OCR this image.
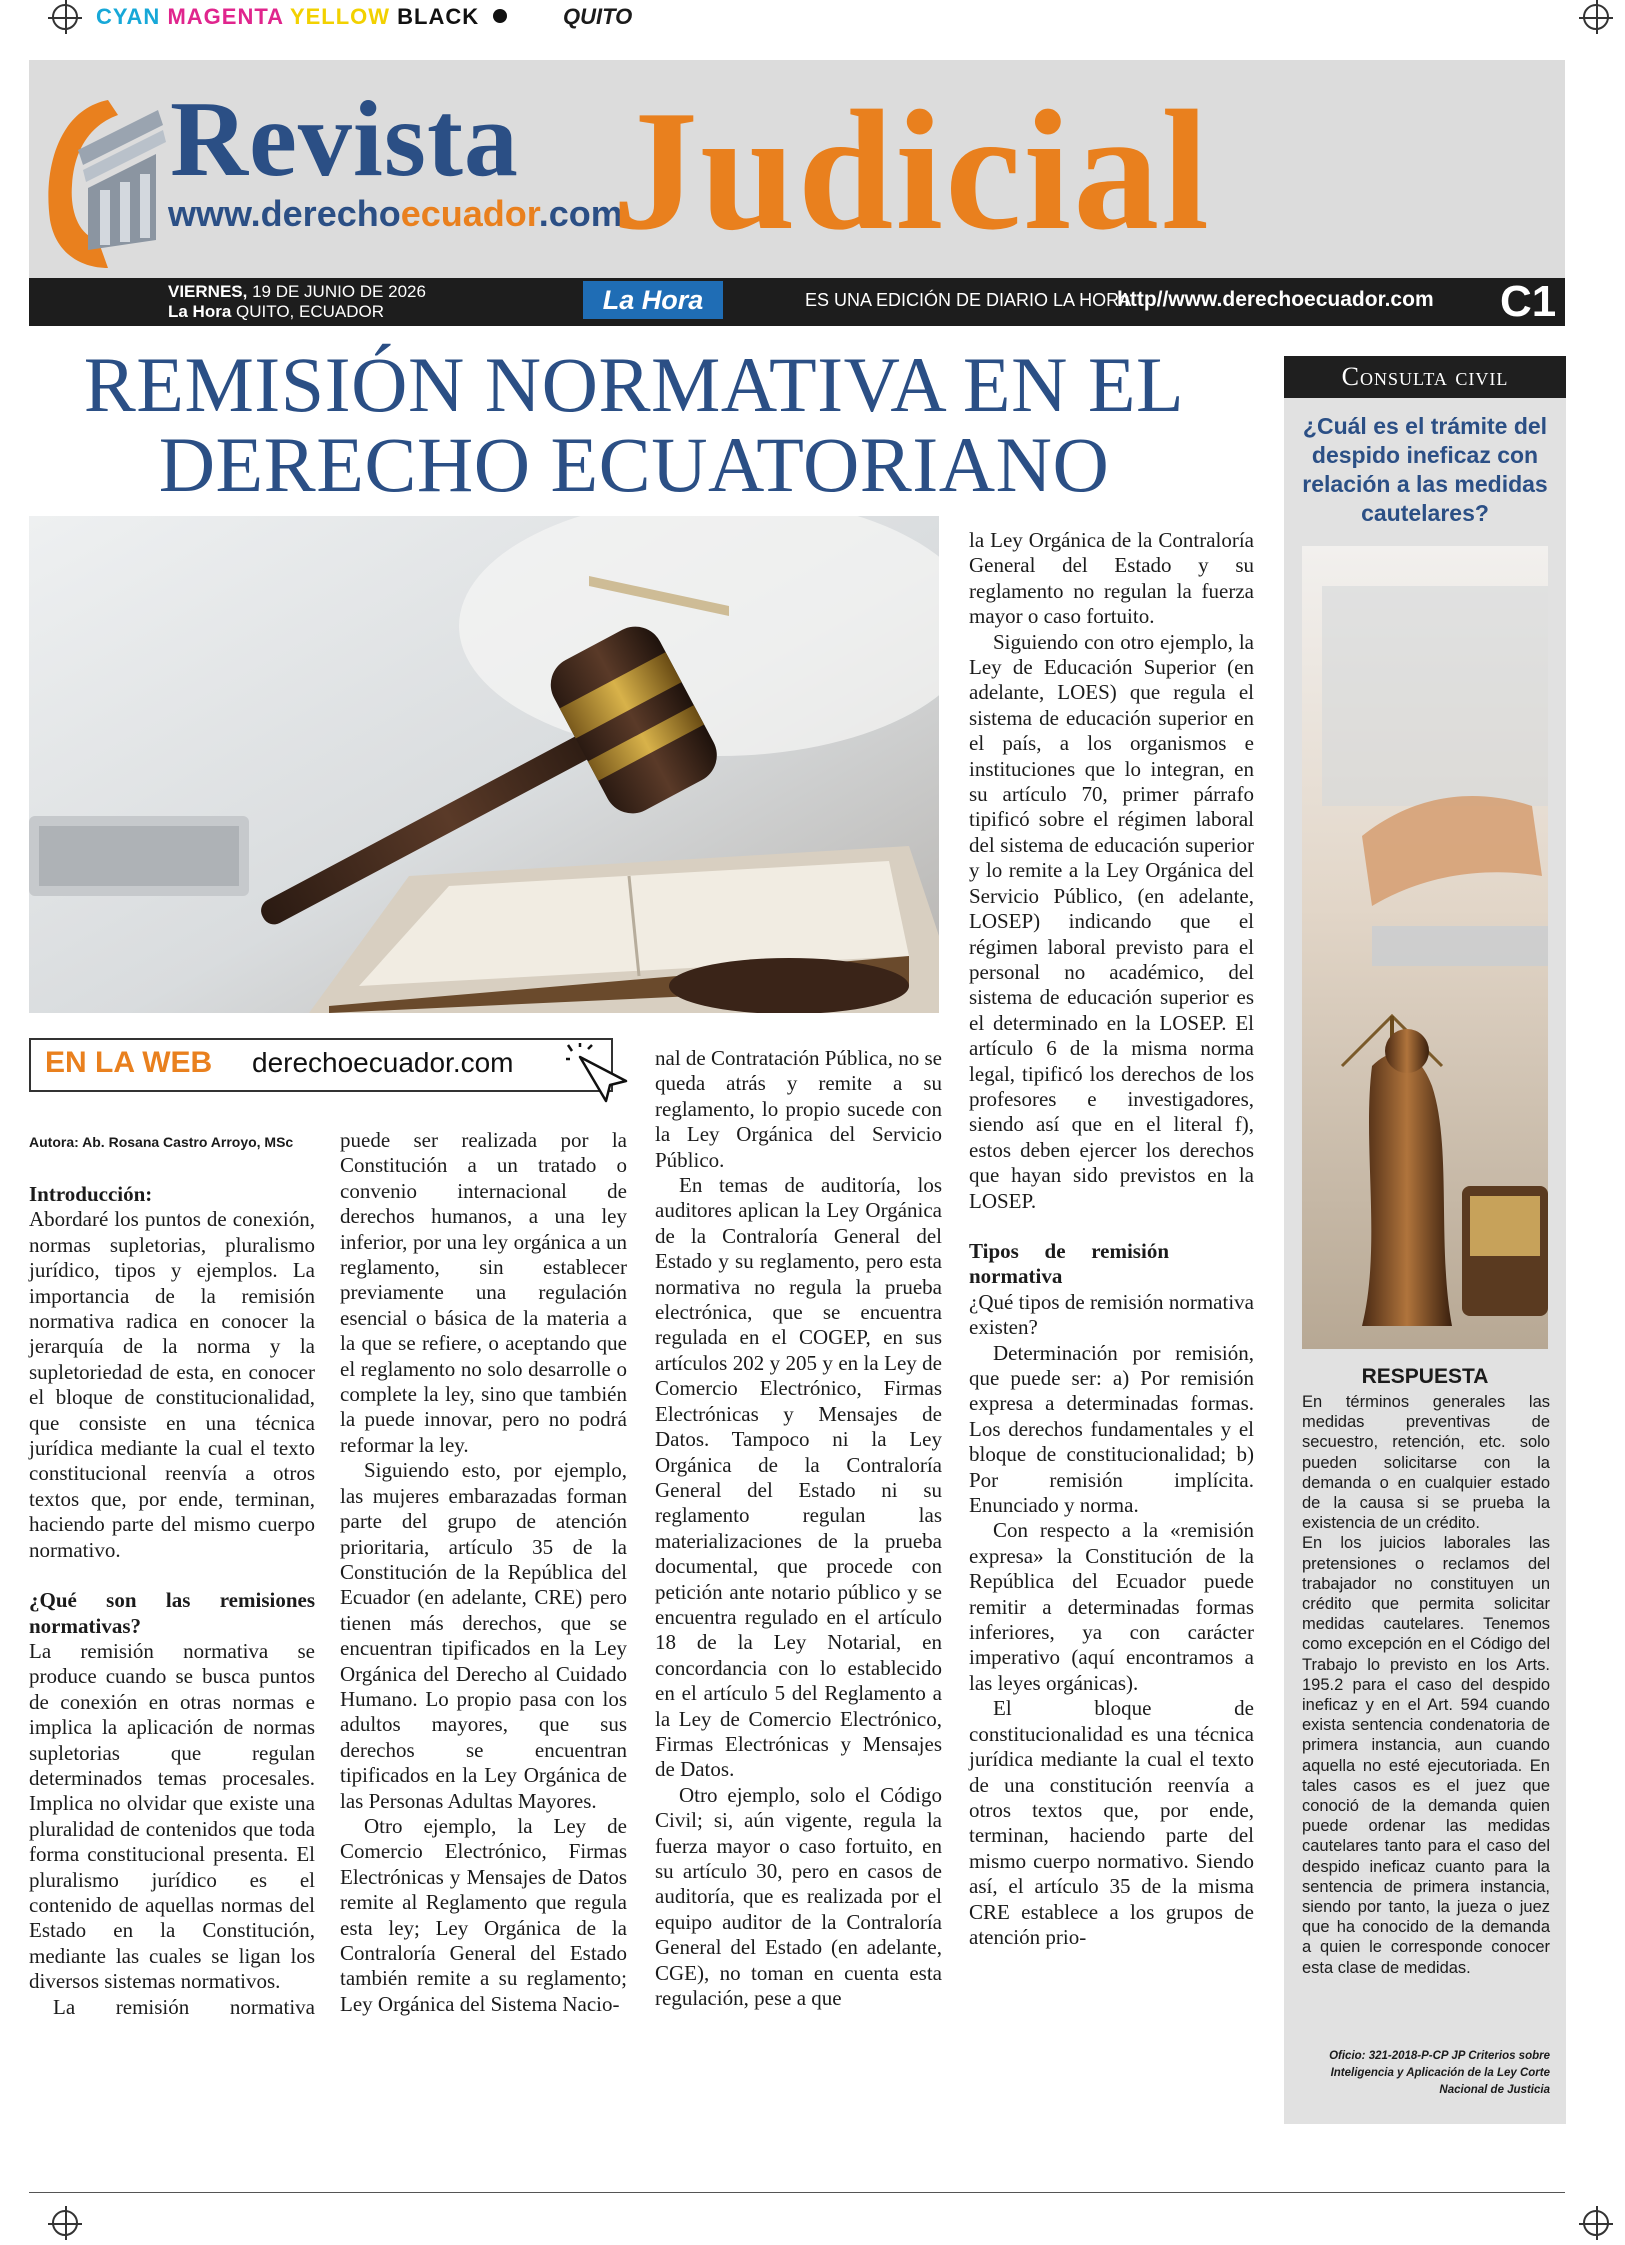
CYAN MAGENTA YELLOW BLACK	QUITO
Revista
www.derechoecuador.com
Judicial
VIERNES, 19 DE JUNIO DE 2026
La Hora QUITO, ECUADOR	La Hora	ES UNA EDICIÓN DE DIARIO LA HORA
http//www.derechoecuador.com C1
REMISIÓN NORMATIVA EN EL
DERECHO ECUATORIANO
EN LA WEB derechoecuador.com
Autora: Ab. Rosana Castro Arroyo, MSc
Introducción:

Abordaré los puntos de conexión, normas supletorias, pluralismo jurídico, tipos y ejemplos. La importancia de la remisión normativa radica en conocer la jerarquía de la norma y la supletoriedad de esta, en conocer el bloque de constitucionalidad, que consiste en una técnica jurídica mediante la cual el texto constitucional reenvía a otros textos que, por ende, terminan, haciendo parte del mismo cuerpo normativo.

¿Qué son las remisiones normativas?

La remisión normativa se produce cuando se busca puntos de conexión en otras normas e implica la aplicación de normas supletorias que regulan determinados temas procesales. Implica no olvidar que existe una pluralidad de contenidos que toda forma constitucional presenta. El pluralismo jurídico es el contenido de aquellas normas del Estado en la Constitución, mediante las cuales se ligan los diversos sistemas normativos.

La remisión normativa

puede ser realizada por la Constitución a un tratado o convenio internacional de derechos humanos, a una ley inferior, por una ley orgánica a un reglamento, sin establecer previamente una regulación esencial o básica de la materia a la que se refiere, o aceptando que el reglamento no solo desarrolle o complete la ley, sino que también la puede innovar, pero no podrá reformar la ley.

Siguiendo esto, por ejemplo, las mujeres embarazadas forman parte del grupo de atención prioritaria, artículo 35 de la Constitución de la República del Ecuador (en adelante, CRE) pero tienen más derechos, que se encuentran tipificados en la Ley Orgánica del Derecho al Cuidado Humano. Lo propio pasa con los adultos mayores, que sus derechos se encuentran tipificados en la Ley Orgánica de las Personas Adultas Mayores.

Otro ejemplo, la Ley de Comercio Electrónico, Firmas Electrónicas y Mensajes de Datos remite al Reglamento que regula esta ley; Ley Orgánica de la Contraloría General del Estado también remite a su reglamento; Ley Orgánica del Sistema Nacio-

nal de Contratación Pública, no se queda atrás y remite a su reglamento, lo propio sucede con la Ley Orgánica del Servicio Público.

En temas de auditoría, los auditores aplican la Ley Orgánica de la Contraloría General del Estado y su reglamento, pero esta normativa no regula la prueba electrónica, que se encuentra regulada en el COGEP, en sus artículos 202 y 205 y en la Ley de Comercio Electrónico, Firmas Electrónicas y Mensajes de Datos. Tampoco ni la Ley Orgánica de la Contraloría General del Estado ni su reglamento regulan las materializaciones de la prueba documental, que procede con petición ante notario público y se encuentra regulado en el artículo 18 de la Ley Notarial, en concordancia con lo establecido en el artículo 5 del Reglamento a la Ley de Comercio Electrónico, Firmas Electrónicas y Mensajes de Datos.

Otro ejemplo, solo el Código Civil; si, aún vigente, regula la fuerza mayor o caso fortuito, en su artículo 30, pero en casos de auditoría, que es realizada por el equipo auditor de la Contraloría General del Estado (en adelante, CGE), no toman en cuenta esta regulación, pese a que

la Ley Orgánica de la Contraloría General del Estado y su reglamento no regulan la fuerza mayor o caso fortuito.

Siguiendo con otro ejemplo, la Ley de Educación Superior (en adelante, LOES) que regula el sistema de educación superior en el país, a los organismos e instituciones que lo integran, en su artículo 70, primer párrafo tipificó sobre el régimen laboral del sistema de educación superior y lo remite a la Ley Orgánica del Servicio Público, (en adelante, LOSEP) indicando que el régimen laboral previsto para el personal no académico, del sistema de educación superior es el determinado en la LOSEP. El artículo 6 de la misma norma legal, tipificó los derechos de los profesores e investigadores, siendo así que en el literal f), estos deben ejercer los derechos que hayan sido previstos en la LOSEP.

Tipos de remisión normativa

¿Qué tipos de remisión normativa existen?

Determinación por remisión, que puede ser: a) Por remisión expresa a determinadas formas. Los derechos fundamentales y el bloque de constitucionalidad; b) Por remisión implícita. Enunciado y norma.

Con respecto a la «remisión expresa» la Constitución de la República del Ecuador puede remitir a determinadas formas inferiores, ya con carácter imperativo (aquí encontramos a las leyes orgánicas).

El bloque de constitucionalidad es una técnica jurídica mediante la cual el texto de una constitución reenvía a otros textos que, por ende, terminan, haciendo parte del mismo cuerpo normativo. Siendo así, el artículo 35 de la misma CRE establece a los grupos de atención prio-

Consulta civil
¿Cuál es el trámite del despido ineficaz con relación a las medidas cautelares?
RESPUESTA

En términos generales las medidas preventivas de secuestro, retención, etc. solo pueden solicitarse con la demanda o en cualquier estado de la causa si se prueba la existencia de un crédito.

En los juicios laborales las pretensiones o reclamos del trabajador no constituyen un crédito que permita solicitar medidas cautelares. Tenemos como excepción en el Código del Trabajo lo previsto en los Arts. 195.2 para el caso del despido ineficaz y en el Art. 594 cuando exista sentencia condenatoria de primera instancia, aun cuando aquella no esté ejecutoriada. En tales casos es el juez que conoció de la demanda quien puede ordenar las medidas cautelares tanto para el caso del despido ineficaz cuanto para la sentencia de primera instancia, siendo por tanto, la jueza o juez que ha conocido de la demanda a quien le corresponde conocer esta clase de medidas.

Oficio: 321-2018-P-CP JP Criterios sobre Inteligencia y Aplicación de la Ley Corte Nacional de Justicia
